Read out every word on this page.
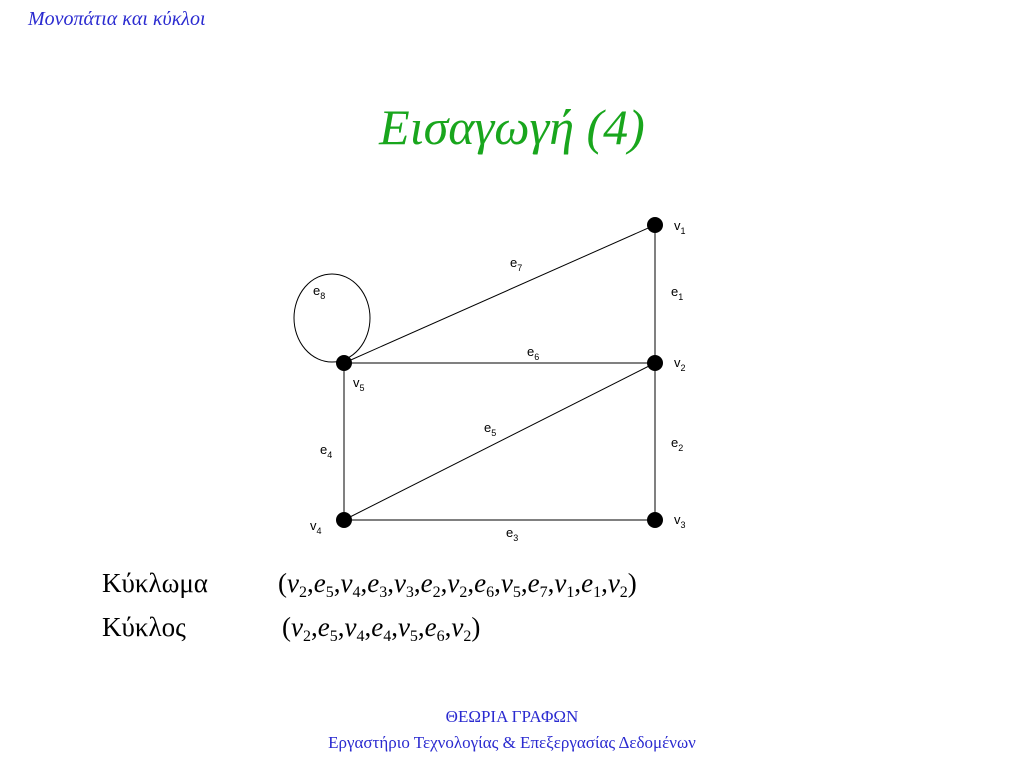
Μονοπάτια και κύκλοι
Εισαγωγή (4)
$e_1$
$e_2$
$e_3$
$e_4$
$e_5$
$e_6$
$e_7$
$e_8$
$v_1$
$v_2$
$v_3$
$v_4$
$v_5$
Κύκλωμα	$(v_2,e_5,v_4,e_3,v_3,e_2,v_2,e_6,v_5,e_7,v_1,e_1,v_2)$
Κύκλος	$(v_2,e_5,v_4,e_4,v_5,e_6,v_2)$
ΘΕΩΡΙΑ ΓΡΑΦΩΝ
Εργαστήριο Τεχνολογίας & Επεξεργασίας Δεδομένων
